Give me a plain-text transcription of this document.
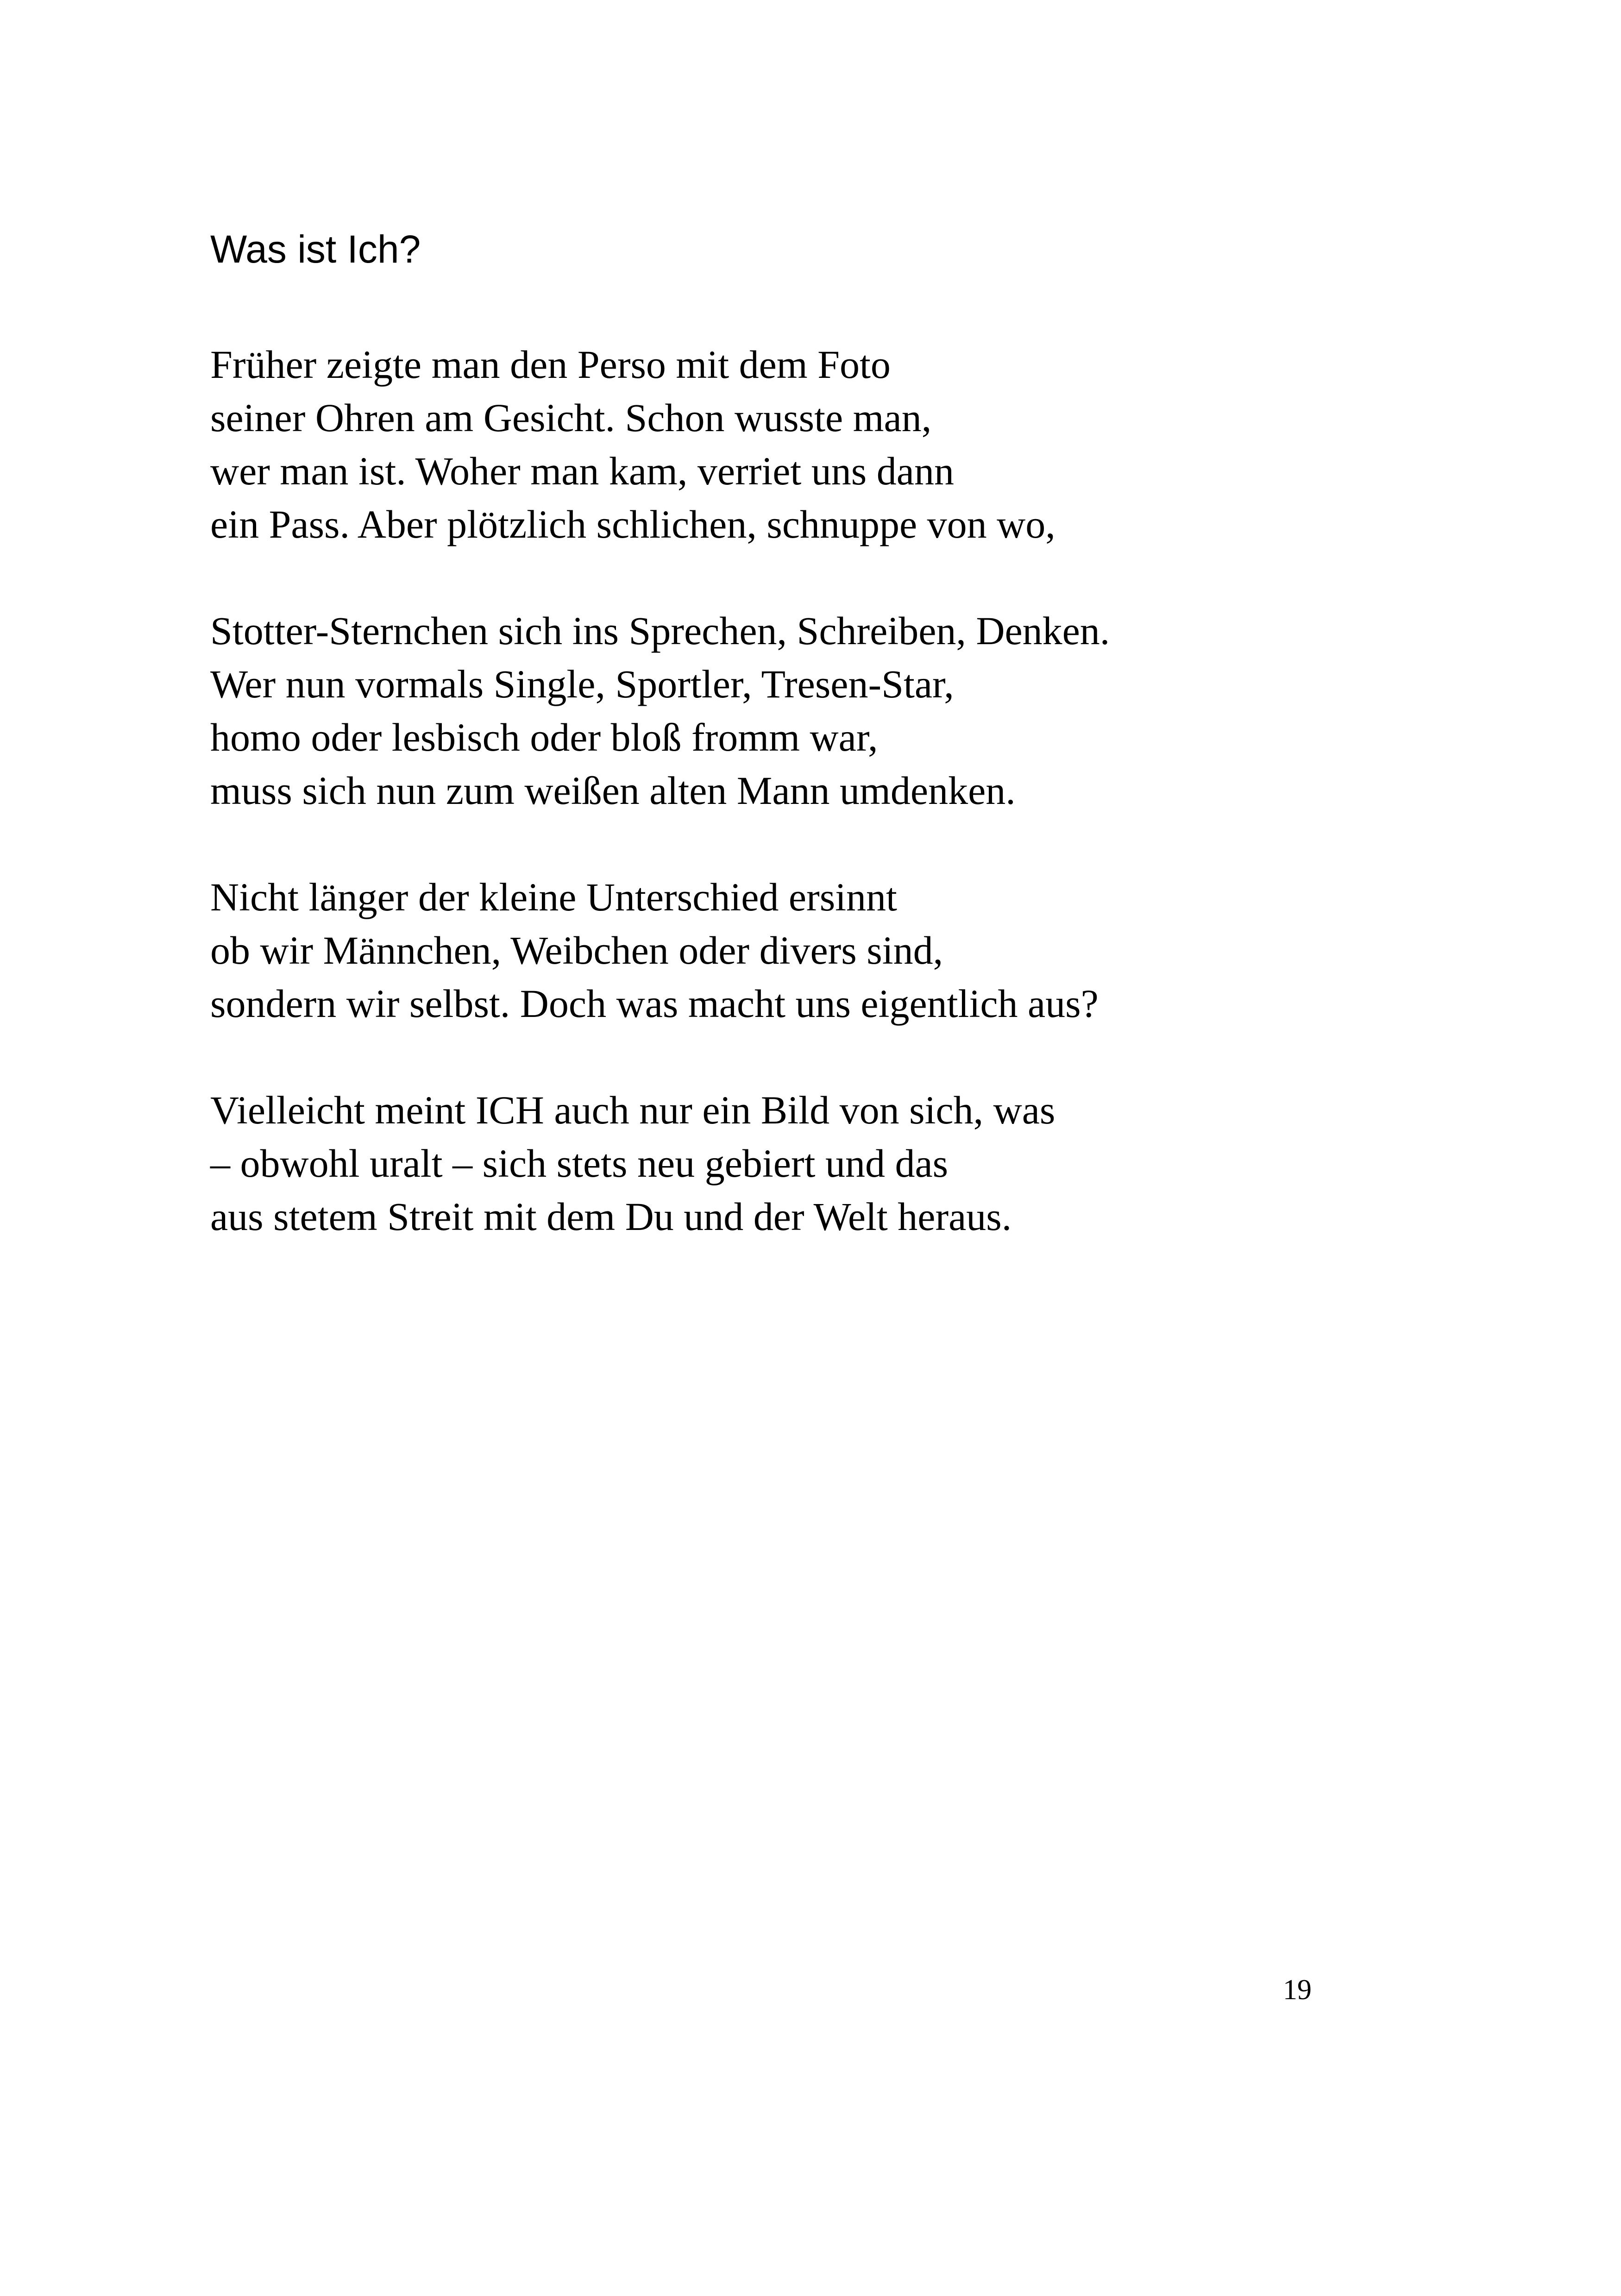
Was ist Ich?
Früher zeigte man den Perso mit dem Foto
seiner Ohren am Gesicht. Schon wusste man,
wer man ist. Woher man kam, verriet uns dann
ein Pass. Aber plötzlich schlichen, schnuppe von wo,
Stotter-Sternchen sich ins Sprechen, Schreiben, Denken.
Wer nun vormals Single, Sportler, Tresen-Star,
homo oder lesbisch oder bloß fromm war,
muss sich nun zum weißen alten Mann umdenken.
Nicht länger der kleine Unterschied ersinnt
ob wir Männchen, Weibchen oder divers sind,
sondern wir selbst. Doch was macht uns eigentlich aus?
Vielleicht meint ICH auch nur ein Bild von sich, was
– obwohl uralt – sich stets neu gebiert und das
aus stetem Streit mit dem Du und der Welt heraus.
19
